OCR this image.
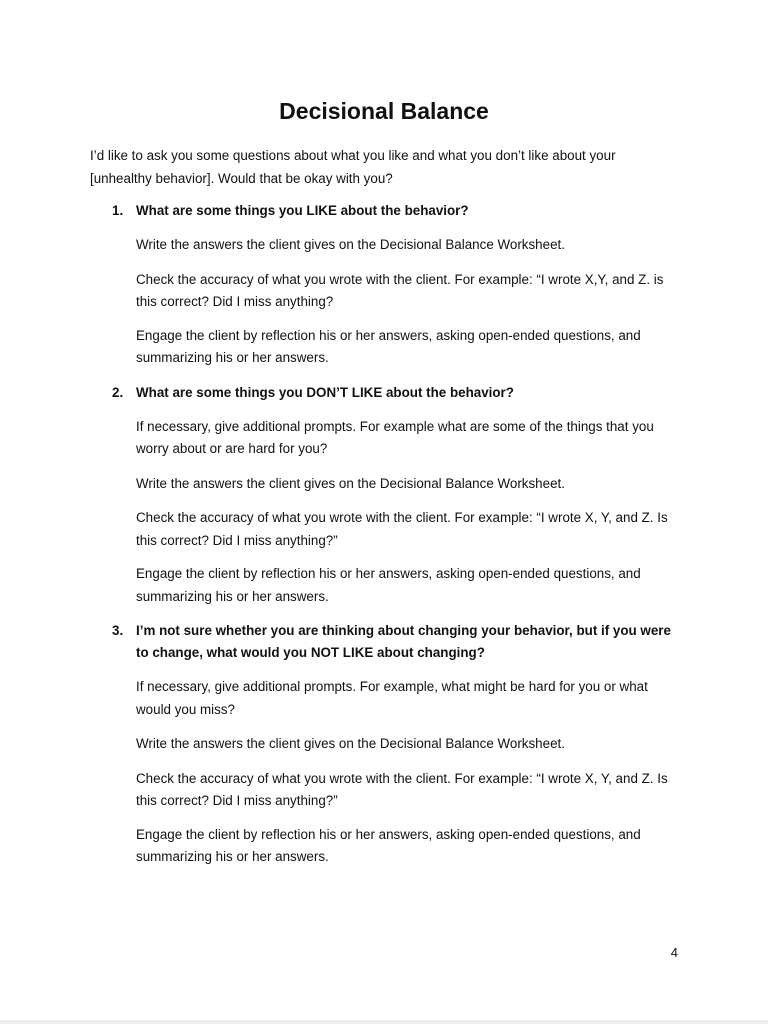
Decisional Balance

I’d like to ask you some questions about what you like and what you don’t like about your [unhealthy behavior]. Would that be okay with you?

1. What are some things you LIKE about the behavior?

Write the answers the client gives on the Decisional Balance Worksheet.

Check the accuracy of what you wrote with the client. For example: “I wrote X,Y, and Z. is this correct? Did I miss anything?

Engage the client by reflection his or her answers, asking open-ended questions, and summarizing his or her answers.

2. What are some things you DON’T LIKE about the behavior?

If necessary, give additional prompts. For example what are some of the things that you worry about or are hard for you?

Write the answers the client gives on the Decisional Balance Worksheet.

Check the accuracy of what you wrote with the client. For example: “I wrote X, Y, and Z. Is this correct? Did I miss anything?”

Engage the client by reflection his or her answers, asking open-ended questions, and summarizing his or her answers.

3. I’m not sure whether you are thinking about changing your behavior, but if you were to change, what would you NOT LIKE about changing?

If necessary, give additional prompts. For example, what might be hard for you or what would you miss?

Write the answers the client gives on the Decisional Balance Worksheet.

Check the accuracy of what you wrote with the client. For example: “I wrote X, Y, and Z. Is this correct? Did I miss anything?”

Engage the client by reflection his or her answers, asking open-ended questions, and summarizing his or her answers.

4
